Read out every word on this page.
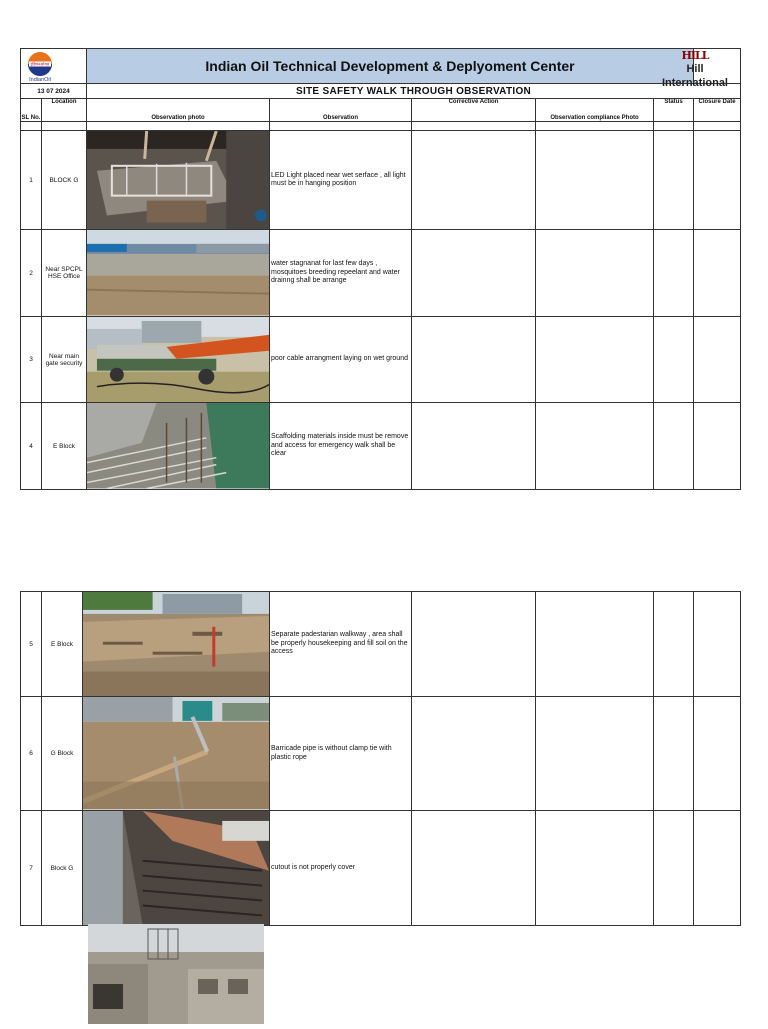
इंडियनऑयल
IndianOil		Indian Oil Technical Development & Deplyoment Center					
13 07 2024		SITE SAFETY WALK THROUGH OBSERVATION					
SL No.	Location	Observation photo	Observation	Corrective Action	Observation compliance Photo	Status	Closure Date

1	BLOCK G		LED Light placed near wet serface , all light must be in hanging position				
2	Near SPCPL HSE Office		water stagnanat for last few days , mosquitoes breeding repeelant and water drainng shall be arrange				
3	Near main gate security		poor cable arrangment laying on wet ground				
4	E Block		Scaffolding materials inside must be remove and access for emergency walk shall be clear				
HILL
Hill International
5	E Block		Separate padestarian walkway , area shall be properly housekeeping and fill soil on the access				
6	G Block		Barricade pipe is without clamp tie with plastic rope				
7	Block G		cutout is not properly cover				
